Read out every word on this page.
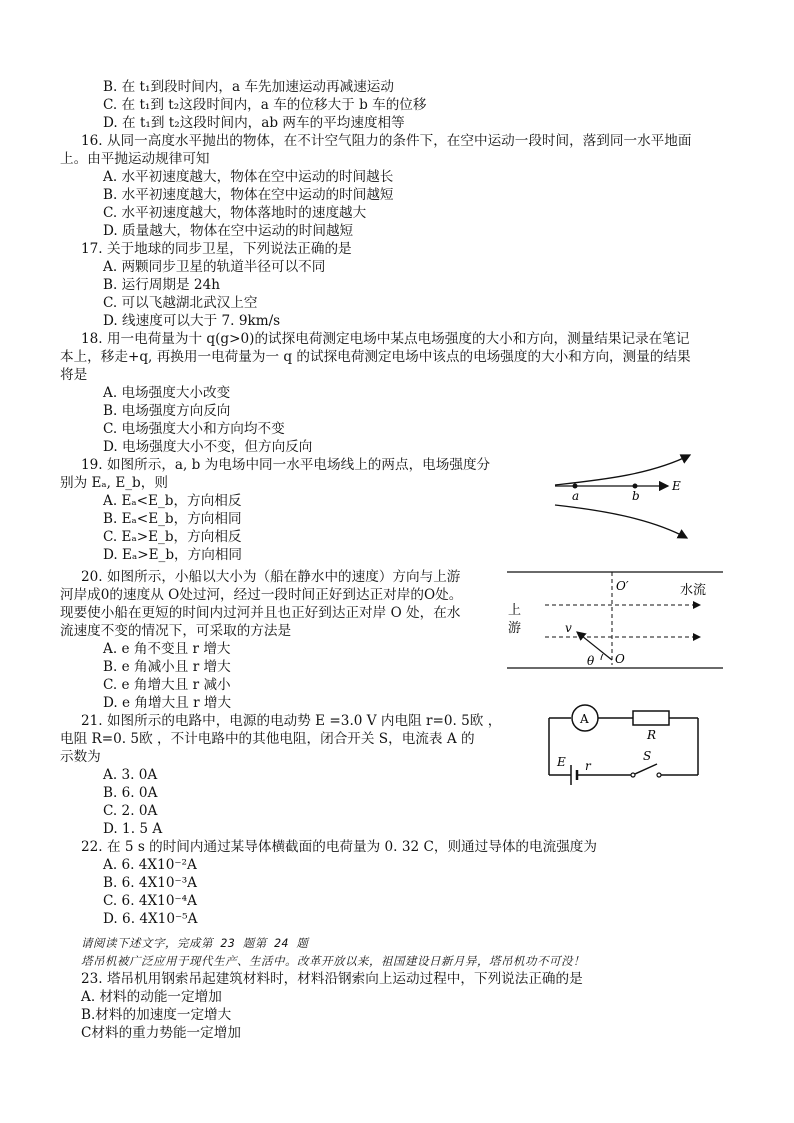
B. 在 t₁到段时间内，a 车先加速运动再减速运动
C. 在 t₁到 t₂这段时间内，a 车的位移大于 b 车的位移
D. 在 t₁到 t₂这段时间内，ab 两车的平均速度相等
16. 从同一高度水平抛出的物体，在不计空气阻力的条件下，在空中运动一段时间，落到同一水平地面
上。由平抛运动规律可知
A. 水平初速度越大，物体在空中运动的时间越长
B. 水平初速度越大，物体在空中运动的时间越短
C. 水平初速度越大，物体落地时的速度越大
D. 质量越大，物体在空中运动的时间越短
17. 关于地球的同步卫星，下列说法正确的是
A. 两颗同步卫星的轨道半径可以不同
B. 运行周期是 24h
C. 可以飞越湖北武汉上空
D. 线速度可以大于 7. 9km/s
18. 用一电荷量为十 q(g>0)的试探电荷测定电场中某点电场强度的大小和方向，测量结果记录在笔记
本上，移走+q, 再换用一电荷量为一 q 的试探电荷测定电场中该点的电场强度的大小和方向，测量的结果
将是
A. 电场强度大小改变
B. 电场强度方向反向
C. 电场强度大小和方向均不变
D. 电场强度大小不变，但方向反向
19. 如图所示，a, b 为电场中同一水平电场线上的两点，电场强度分
别为 Eₐ, E_b，则
A. Eₐ<E_b，方向相反
B. Eₐ<E_b，方向相同
C. Eₐ>E_b，方向相反
D. Eₐ>E_b，方向相同
20. 如图所示，小船以大小为（船在静水中的速度）方向与上游
河岸成0的速度从 O处过河，经过一段时间正好到达正对岸的O处。
现要使小船在更短的时间内过河并且也正好到达正对岸 O 处，在水
流速度不变的情况下，可采取的方法是
A. e 角不变且 r 增大
B. e 角减小且 r 增大
C. e 角增大且 r 减小
D. e 角增大且 r 增大
21. 如图所示的电路中，电源的电动势 E =3.0 V 内电阻 r=0. 5欧 ，
电阻 R=0. 5欧 ，不计电路中的其他电阻，闭合开关 S，电流表 A 的
示数为
A. 3. 0A
B. 6. 0A
C. 2. 0A
D. 1. 5 A
22. 在 5 s 的时间内通过某导体横截面的电荷量为 0. 32 C，则通过导体的电流强度为
A. 6. 4X10⁻²A
B. 6. 4X10⁻³A
C. 6. 4X10⁻⁴A
D. 6. 4X10⁻⁵A
请阅读下述文字，完成第 23 题第 24 题
塔吊机被广泛应用于现代生产、生活中。改革开放以来，祖国建设日新月异，塔吊机功不可没！
23. 塔吊机用钢索吊起建筑材料时，材料沿钢索向上运动过程中，下列说法正确的是
A. 材料的动能一定增加
B.材料的加速度一定增大
C材料的重力势能一定增加
a	b
E
O′	水流
上
游	v
θ O
A
R
E r
S
